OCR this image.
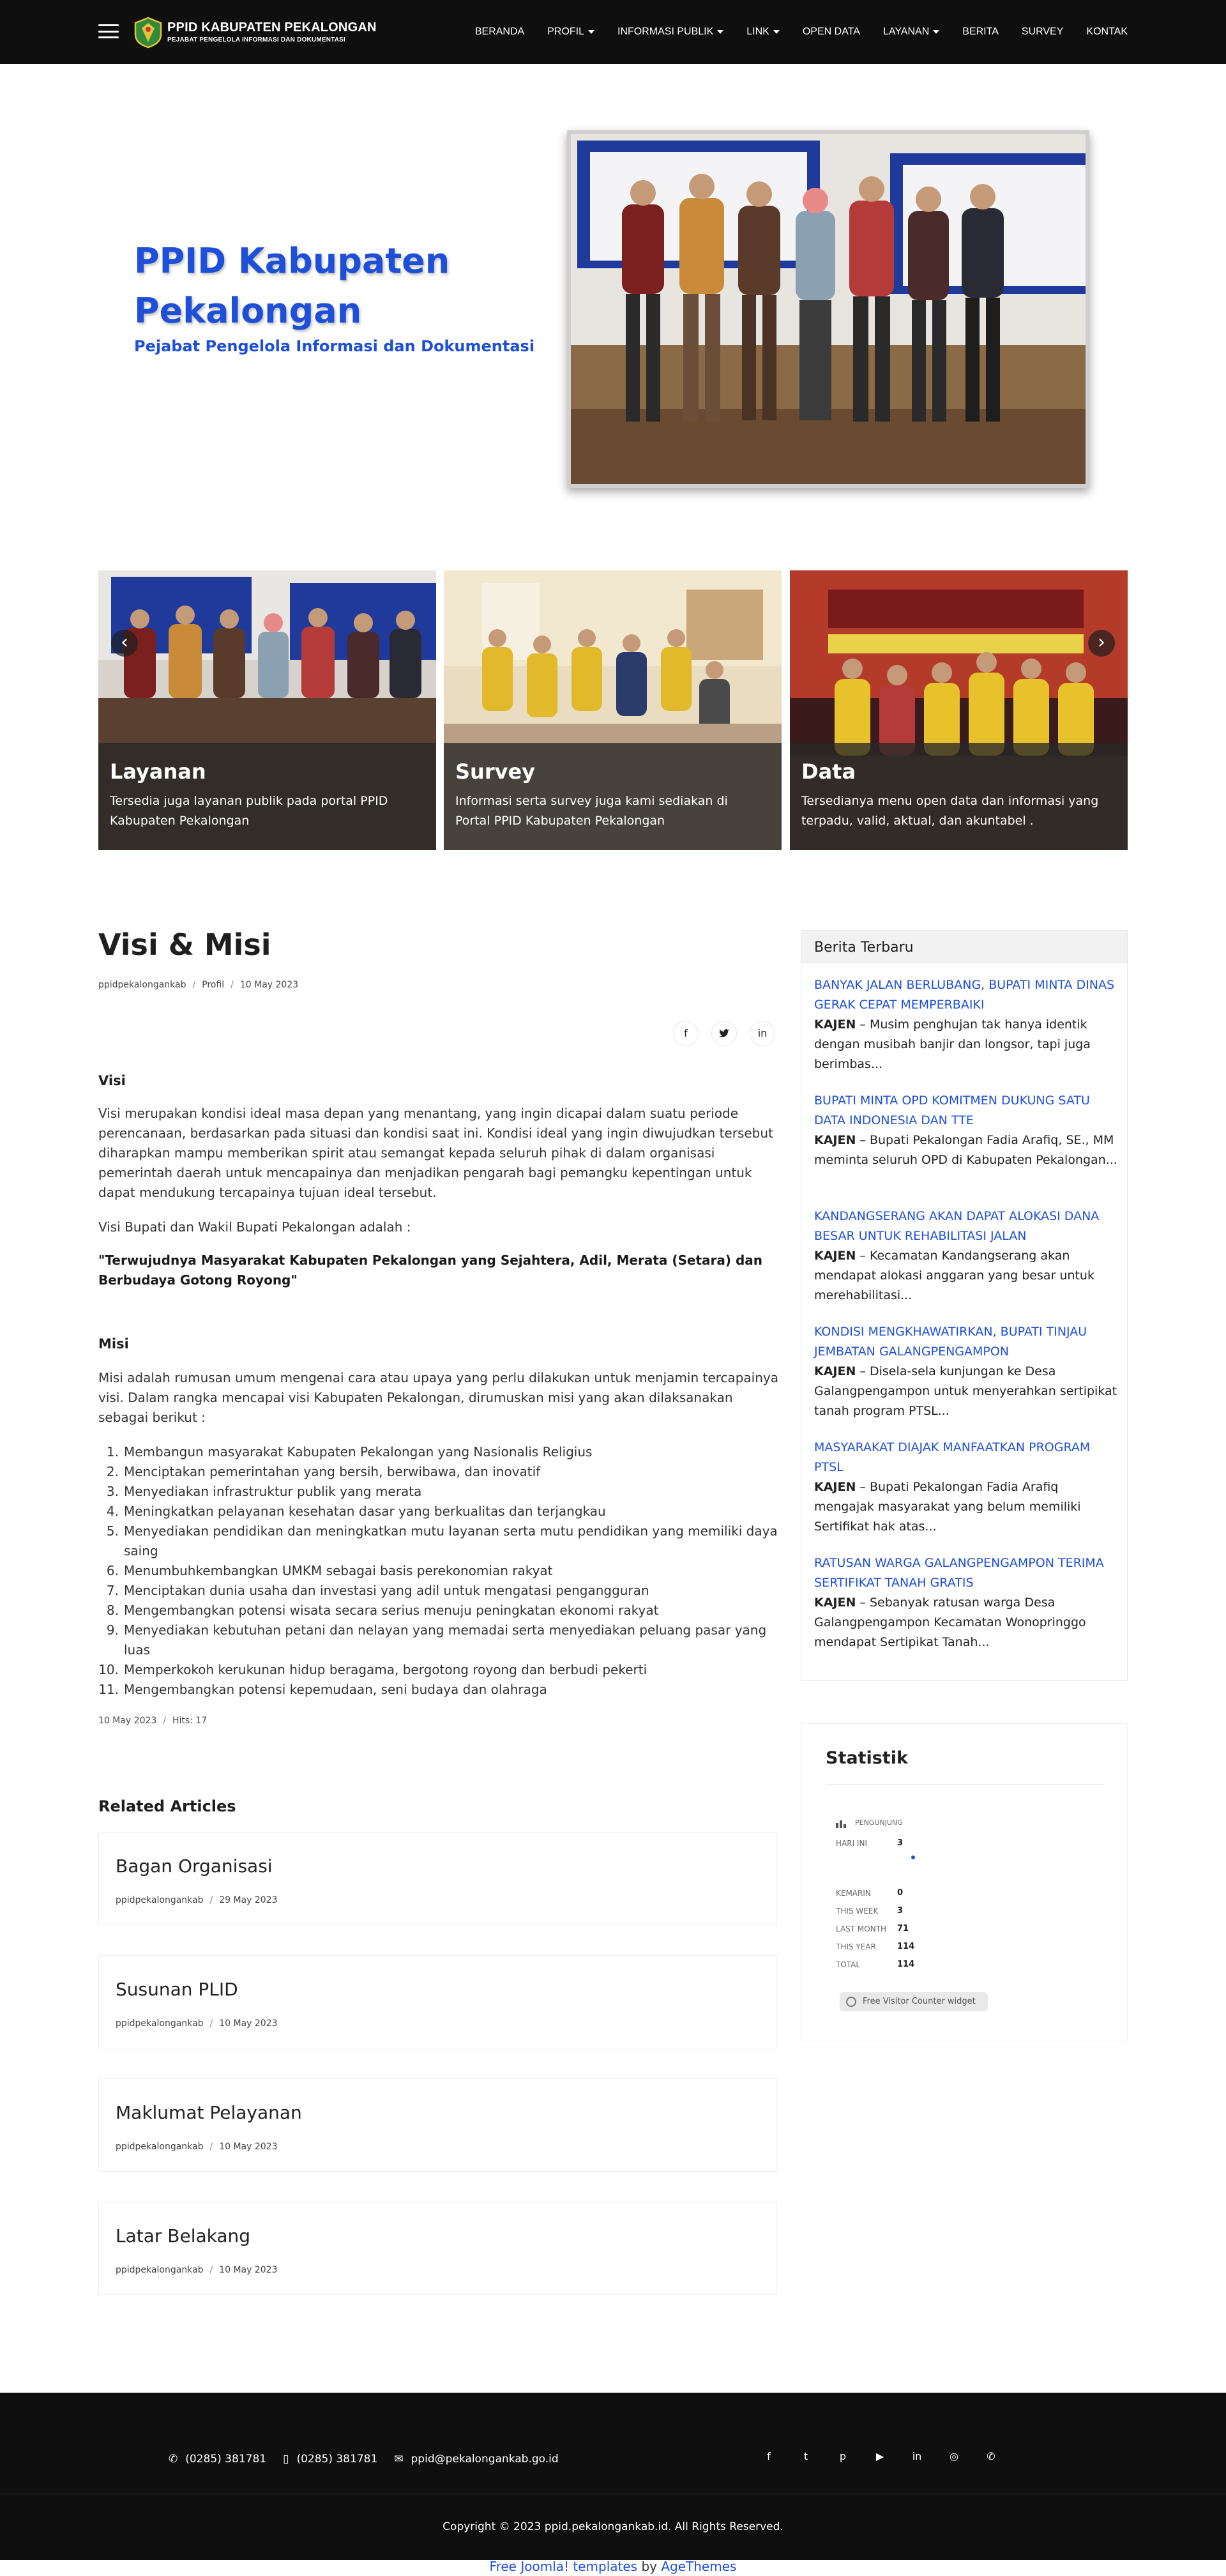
PPID KABUPATEN PEKALONGAN
PEJABAT PENGELOLA INFORMASI DAN DOKUMENTASI
BERANDA PROFIL	INFORMASI PUBLIK	LINK	OPEN DATA LAYANAN	BERITA SURVEY KONTAK
PPID Kabupaten
Pekalongan
Pejabat Pengelola Informasi dan Dokumentasi
Layanan
Tersedia juga layanan publik pada portal PPID Kabupaten Pekalongan
Survey
Informasi serta survey juga kami sediakan di Portal PPID Kabupaten Pekalongan
Data
Tersedianya menu open data dan informasi yang terpadu, valid, aktual, dan akuntabel .
‹	›
Visi & Misi
ppidpekalongankab / Profil / 10 May 2023
f	in
Visi
Visi merupakan kondisi ideal masa depan yang menantang, yang ingin dicapai dalam suatu periode perencanaan, berdasarkan pada situasi dan kondisi saat ini. Kondisi ideal yang ingin diwujudkan tersebut diharapkan mampu memberikan spirit atau semangat kepada seluruh pihak di dalam organisasi pemerintah daerah untuk mencapainya dan menjadikan pengarah bagi pemangku kepentingan untuk dapat mendukung tercapainya tujuan ideal tersebut.
Visi Bupati dan Wakil Bupati Pekalongan adalah :
"Terwujudnya Masyarakat Kabupaten Pekalongan yang Sejahtera, Adil, Merata (Setara) dan Berbudaya Gotong Royong"
Misi
Misi adalah rumusan umum mengenai cara atau upaya yang perlu dilakukan untuk menjamin tercapainya visi. Dalam rangka mencapai visi Kabupaten Pekalongan, dirumuskan misi yang akan dilaksanakan sebagai berikut :
1. Membangun masyarakat Kabupaten Pekalongan yang Nasionalis Religius
2. Menciptakan pemerintahan yang bersih, berwibawa, dan inovatif
3. Menyediakan infrastruktur publik yang merata
4. Meningkatkan pelayanan kesehatan dasar yang berkualitas dan terjangkau
5. Menyediakan pendidikan dan meningkatkan mutu layanan serta mutu pendidikan yang memiliki daya saing
6. Menumbuhkembangkan UMKM sebagai basis perekonomian rakyat
7. Menciptakan dunia usaha dan investasi yang adil untuk mengatasi pengangguran
8. Mengembangkan potensi wisata secara serius menuju peningkatan ekonomi rakyat
9. Menyediakan kebutuhan petani dan nelayan yang memadai serta menyediakan peluang pasar yang luas
10. Memperkokoh kerukunan hidup beragama, bergotong royong dan berbudi pekerti
11. Mengembangkan potensi kepemudaan, seni budaya dan olahraga
10 May 2023 / Hits: 17
Related Articles
Bagan Organisasi
ppidpekalongankab / 29 May 2023
Susunan PLID
ppidpekalongankab / 10 May 2023
Maklumat Pelayanan
ppidpekalongankab / 10 May 2023
Latar Belakang
ppidpekalongankab / 10 May 2023
Berita Terbaru
BANYAK JALAN BERLUBANG, BUPATI MINTA DINAS GERAK CEPAT MEMPERBAIKI
KAJEN – Musim penghujan tak hanya identik dengan musibah banjir dan longsor, tapi juga berimbas...
BUPATI MINTA OPD KOMITMEN DUKUNG SATU DATA INDONESIA DAN TTE
KAJEN – Bupati Pekalongan Fadia Arafiq, SE., MM meminta seluruh OPD di Kabupaten Pekalongan...
KANDANGSERANG AKAN DAPAT ALOKASI DANA BESAR UNTUK REHABILITASI JALAN
KAJEN – Kecamatan Kandangserang akan mendapat alokasi anggaran yang besar untuk merehabilitasi...
KONDISI MENGKHAWATIRKAN, BUPATI TINJAU JEMBATAN GALANGPENGAMPON
KAJEN – Disela-sela kunjungan ke Desa Galangpengampon untuk menyerahkan sertipikat tanah program PTSL...
MASYARAKAT DIAJAK MANFAATKAN PROGRAM PTSL
KAJEN – Bupati Pekalongan Fadia Arafiq mengajak masyarakat yang belum memiliki Sertifikat hak atas...
RATUSAN WARGA GALANGPENGAMPON TERIMA SERTIFIKAT TANAH GRATIS
KAJEN – Sebanyak ratusan warga Desa Galangpengampon Kecamatan Wonopringgo mendapat Sertipikat Tanah...
Statistik
PENGUNJUNG
HARI INI	3
KEMARIN	0
THIS WEEK 3
LAST MONTH 71
THIS YEAR	114
TOTAL	114
Free Visitor Counter widget
✆ (0285) 381781 ▯ (0285) 381781 ✉ ppid@pekalongankab.go.id	f	t	p	▶	in	◎	✆
Copyright © 2023 ppid.pekalongankab.id. All Rights Reserved.
Free Joomla! templates by AgeThemes
